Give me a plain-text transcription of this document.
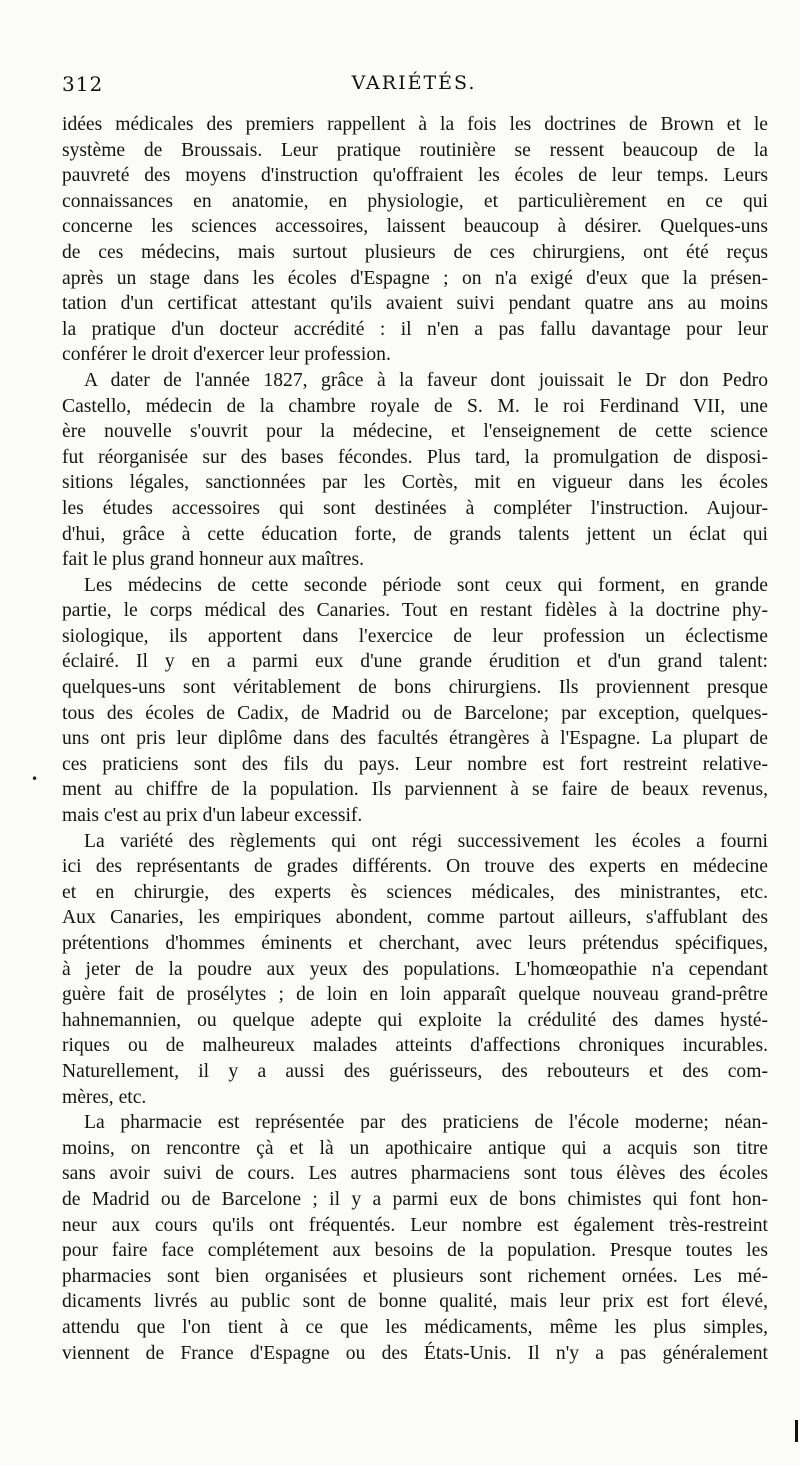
312	VARIÉTÉS.
idées médicales des premiers rappellent à la fois les doctrines de Brown et le
système de Broussais. Leur pratique routinière se ressent beaucoup de la
pauvreté des moyens d'instruction qu'offraient les écoles de leur temps. Leurs
connaissances en anatomie, en physiologie, et particulièrement en ce qui
concerne les sciences accessoires, laissent beaucoup à désirer. Quelques-uns
de ces médecins, mais surtout plusieurs de ces chirurgiens, ont été reçus
après un stage dans les écoles d'Espagne ; on n'a exigé d'eux que la présen-
tation d'un certificat attestant qu'ils avaient suivi pendant quatre ans au moins
la pratique d'un docteur accrédité : il n'en a pas fallu davantage pour leur
conférer le droit d'exercer leur profession.
A dater de l'année 1827, grâce à la faveur dont jouissait le Dr don Pedro
Castello, médecin de la chambre royale de S. M. le roi Ferdinand VII, une
ère nouvelle s'ouvrit pour la médecine, et l'enseignement de cette science
fut réorganisée sur des bases fécondes. Plus tard, la promulgation de disposi-
sitions légales, sanctionnées par les Cortès, mit en vigueur dans les écoles
les études accessoires qui sont destinées à compléter l'instruction. Aujour-
d'hui, grâce à cette éducation forte, de grands talents jettent un éclat qui
fait le plus grand honneur aux maîtres.
Les médecins de cette seconde période sont ceux qui forment, en grande
partie, le corps médical des Canaries. Tout en restant fidèles à la doctrine phy-
siologique, ils apportent dans l'exercice de leur profession un éclectisme
éclairé. Il y en a parmi eux d'une grande érudition et d'un grand talent:
quelques-uns sont véritablement de bons chirurgiens. Ils proviennent presque
tous des écoles de Cadix, de Madrid ou de Barcelone; par exception, quelques-
uns ont pris leur diplôme dans des facultés étrangères à l'Espagne. La plupart de
ces praticiens sont des fils du pays. Leur nombre est fort restreint relative-
ment au chiffre de la population. Ils parviennent à se faire de beaux revenus,
mais c'est au prix d'un labeur excessif.
La variété des règlements qui ont régi successivement les écoles a fourni
ici des représentants de grades différents. On trouve des experts en médecine
et en chirurgie, des experts ès sciences médicales, des ministrantes, etc.
Aux Canaries, les empiriques abondent, comme partout ailleurs, s'affublant des
prétentions d'hommes éminents et cherchant, avec leurs prétendus spécifiques,
à jeter de la poudre aux yeux des populations. L'homœopathie n'a cependant
guère fait de prosélytes ; de loin en loin apparaît quelque nouveau grand-prêtre
hahnemannien, ou quelque adepte qui exploite la crédulité des dames hysté-
riques ou de malheureux malades atteints d'affections chroniques incurables.
Naturellement, il y a aussi des guérisseurs, des rebouteurs et des com-
mères, etc.
La pharmacie est représentée par des praticiens de l'école moderne; néan-
moins, on rencontre çà et là un apothicaire antique qui a acquis son titre
sans avoir suivi de cours. Les autres pharmaciens sont tous élèves des écoles
de Madrid ou de Barcelone ; il y a parmi eux de bons chimistes qui font hon-
neur aux cours qu'ils ont fréquentés. Leur nombre est également très-restreint
pour faire face complétement aux besoins de la population. Presque toutes les
pharmacies sont bien organisées et plusieurs sont richement ornées. Les mé-
dicaments livrés au public sont de bonne qualité, mais leur prix est fort élevé,
attendu que l'on tient à ce que les médicaments, même les plus simples,
viennent de France d'Espagne ou des États-Unis. Il n'y a pas généralement
•
